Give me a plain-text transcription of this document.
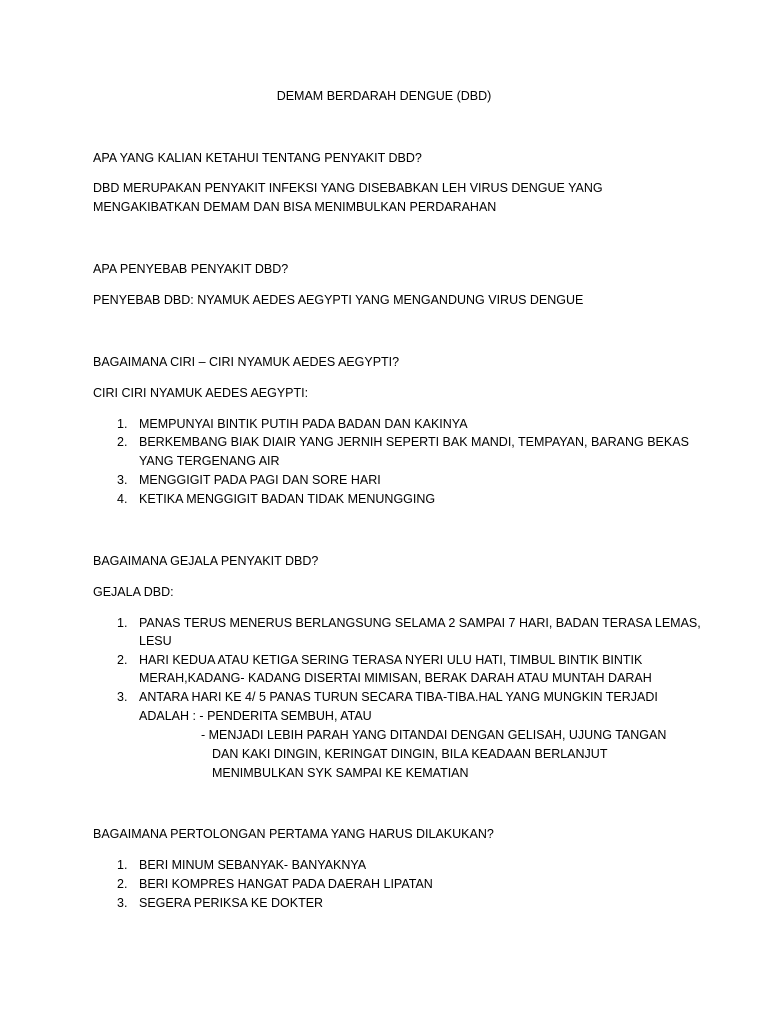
DEMAM BERDARAH DENGUE (DBD)
APA YANG KALIAN KETAHUI TENTANG PENYAKIT DBD?
DBD MERUPAKAN PENYAKIT INFEKSI YANG DISEBABKAN LEH VIRUS DENGUE YANG
MENGAKIBATKAN DEMAM DAN BISA MENIMBULKAN PERDARAHAN
APA PENYEBAB PENYAKIT DBD?
PENYEBAB DBD: NYAMUK AEDES AEGYPTI YANG MENGANDUNG VIRUS DENGUE
BAGAIMANA CIRI – CIRI NYAMUK AEDES AEGYPTI?
CIRI CIRI NYAMUK AEDES AEGYPTI:
1. MEMPUNYAI BINTIK PUTIH PADA BADAN DAN KAKINYA
2. BERKEMBANG BIAK DIAIR YANG JERNIH SEPERTI BAK MANDI, TEMPAYAN, BARANG BEKAS
YANG TERGENANG AIR
3. MENGGIGIT PADA PAGI DAN SORE HARI
4. KETIKA MENGGIGIT BADAN TIDAK MENUNGGING
BAGAIMANA GEJALA PENYAKIT DBD?
GEJALA DBD:
1. PANAS TERUS MENERUS BERLANGSUNG SELAMA 2 SAMPAI 7 HARI, BADAN TERASA LEMAS,
LESU
2. HARI KEDUA ATAU KETIGA SERING TERASA NYERI ULU HATI, TIMBUL BINTIK BINTIK
MERAH,KADANG- KADANG DISERTAI MIMISAN, BERAK DARAH ATAU MUNTAH DARAH
3. ANTARA HARI KE 4/ 5 PANAS TURUN SECARA TIBA-TIBA.HAL YANG MUNGKIN TERJADI
ADALAH : - PENDERITA SEMBUH, ATAU
- MENJADI LEBIH PARAH YANG DITANDAI DENGAN GELISAH, UJUNG TANGAN
DAN KAKI DINGIN, KERINGAT DINGIN, BILA KEADAAN BERLANJUT
MENIMBULKAN SYK SAMPAI KE KEMATIAN
BAGAIMANA PERTOLONGAN PERTAMA YANG HARUS DILAKUKAN?
1. BERI MINUM SEBANYAK- BANYAKNYA
2. BERI KOMPRES HANGAT PADA DAERAH LIPATAN
3. SEGERA PERIKSA KE DOKTER
